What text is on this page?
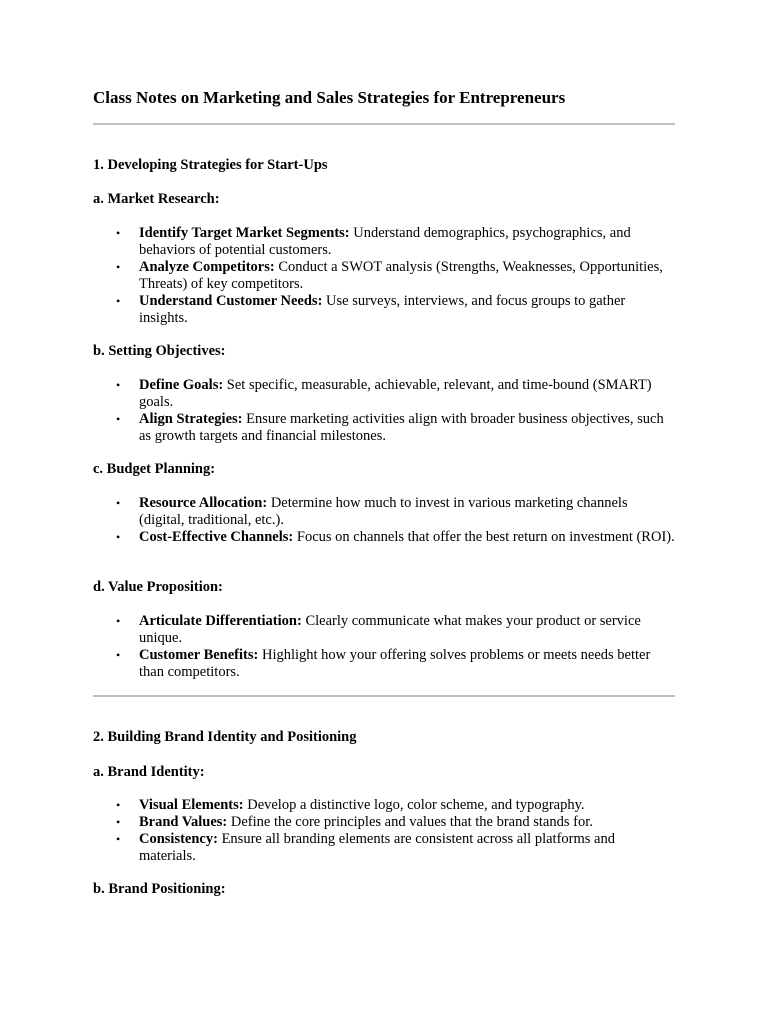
Class Notes on Marketing and Sales Strategies for Entrepreneurs
1. Developing Strategies for Start-Ups
a. Market Research:
• Identify Target Market Segments: Understand demographics, psychographics, and behaviors of potential customers.
• Analyze Competitors: Conduct a SWOT analysis (Strengths, Weaknesses, Opportunities, Threats) of key competitors.
• Understand Customer Needs: Use surveys, interviews, and focus groups to gather insights.
b. Setting Objectives:
• Define Goals: Set specific, measurable, achievable, relevant, and time-bound (SMART) goals.
• Align Strategies: Ensure marketing activities align with broader business objectives, such as growth targets and financial milestones.
c. Budget Planning:
• Resource Allocation: Determine how much to invest in various marketing channels (digital, traditional, etc.).
• Cost-Effective Channels: Focus on channels that offer the best return on investment (ROI).
d. Value Proposition:
• Articulate Differentiation: Clearly communicate what makes your product or service unique.
• Customer Benefits: Highlight how your offering solves problems or meets needs better than competitors.
2. Building Brand Identity and Positioning
a. Brand Identity:
• Visual Elements: Develop a distinctive logo, color scheme, and typography.
• Brand Values: Define the core principles and values that the brand stands for.
• Consistency: Ensure all branding elements are consistent across all platforms and materials.
b. Brand Positioning:
